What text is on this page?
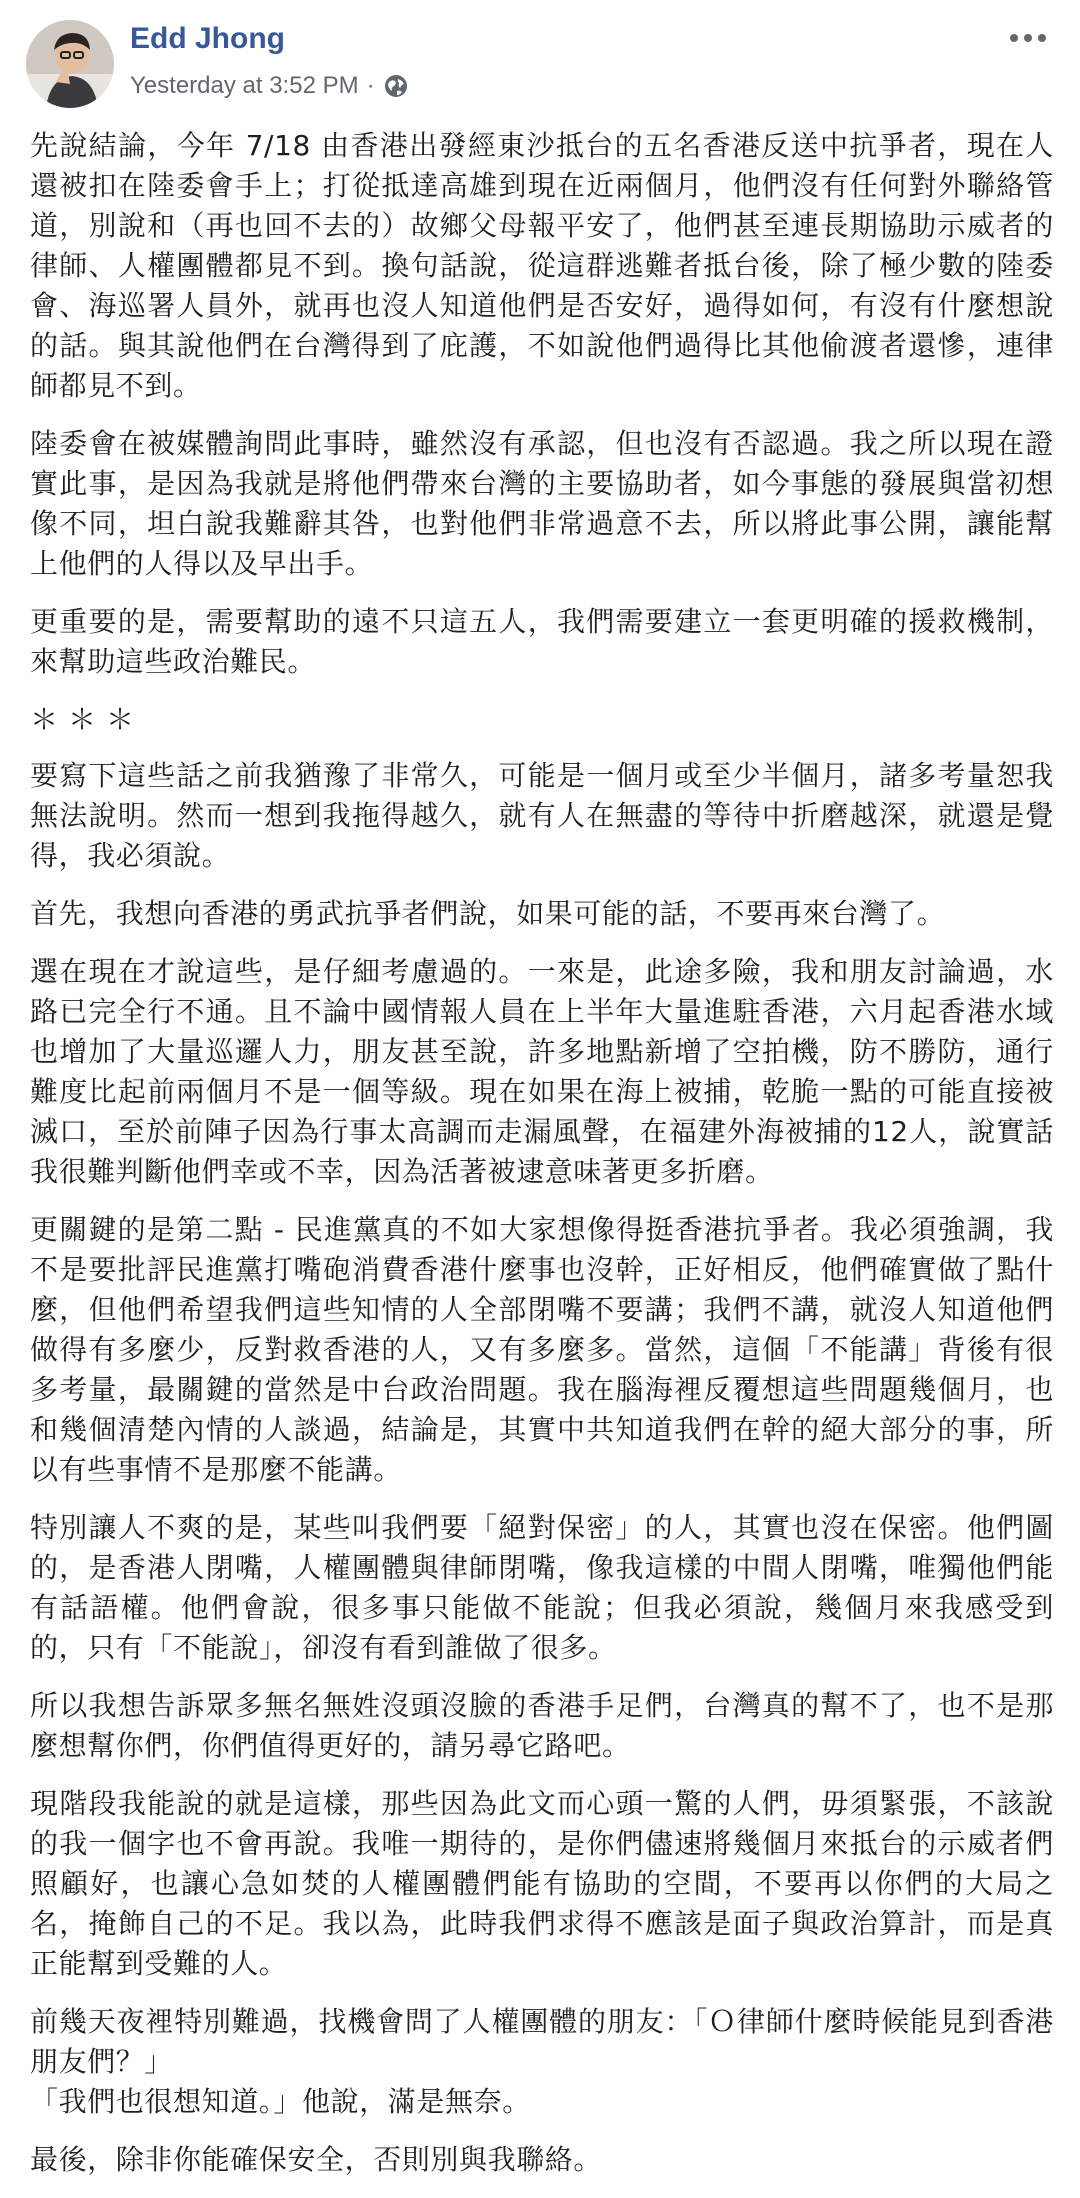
Edd Jhong
Yesterday at 3:52 PM ·

先說結論，今年 7/18 由香港出發經東沙抵台的五名香港反送中抗爭者，現在人還被扣在陸委會手上；打從抵達高雄到現在近兩個月，他們沒有任何對外聯絡管道，別說和（再也回不去的）故鄉父母報平安了，他們甚至連長期協助示威者的律師、人權團體都見不到。換句話說，從這群逃難者抵台後，除了極少數的陸委會、海巡署人員外，就再也沒人知道他們是否安好，過得如何，有沒有什麼想說的話。與其說他們在台灣得到了庇護，不如說他們過得比其他偷渡者還慘，連律師都見不到。

陸委會在被媒體詢問此事時，雖然沒有承認，但也沒有否認過。我之所以現在證實此事，是因為我就是將他們帶來台灣的主要協助者，如今事態的發展與當初想像不同，坦白說我難辭其咎，也對他們非常過意不去，所以將此事公開，讓能幫上他們的人得以及早出手。

更重要的是，需要幫助的遠不只這五人，我們需要建立一套更明確的援救機制，來幫助這些政治難民。

＊＊＊

要寫下這些話之前我猶豫了非常久，可能是一個月或至少半個月，諸多考量恕我無法說明。然而一想到我拖得越久，就有人在無盡的等待中折磨越深，就還是覺得，我必須說。

首先，我想向香港的勇武抗爭者們說，如果可能的話，不要再來台灣了。

選在現在才說這些，是仔細考慮過的。一來是，此途多險，我和朋友討論過，水路已完全行不通。且不論中國情報人員在上半年大量進駐香港，六月起香港水域也增加了大量巡邏人力，朋友甚至說，許多地點新增了空拍機，防不勝防，通行難度比起前兩個月不是一個等級。現在如果在海上被捕，乾脆一點的可能直接被滅口，至於前陣子因為行事太高調而走漏風聲，在福建外海被捕的12人，說實話我很難判斷他們幸或不幸，因為活著被逮意味著更多折磨。

更關鍵的是第二點 - 民進黨真的不如大家想像得挺香港抗爭者。我必須強調，我不是要批評民進黨打嘴砲消費香港什麼事也沒幹，正好相反，他們確實做了點什麼，但他們希望我們這些知情的人全部閉嘴不要講；我們不講，就沒人知道他們做得有多麼少，反對救香港的人，又有多麼多。當然，這個「不能講」背後有很多考量，最關鍵的當然是中台政治問題。我在腦海裡反覆想這些問題幾個月，也和幾個清楚內情的人談過，結論是，其實中共知道我們在幹的絕大部分的事，所以有些事情不是那麼不能講。

特別讓人不爽的是，某些叫我們要「絕對保密」的人，其實也沒在保密。他們圖的，是香港人閉嘴，人權團體與律師閉嘴，像我這樣的中間人閉嘴，唯獨他們能有話語權。他們會說，很多事只能做不能說；但我必須說，幾個月來我感受到的，只有「不能說」，卻沒有看到誰做了很多。

所以我想告訴眾多無名無姓沒頭沒臉的香港手足們，台灣真的幫不了，也不是那麼想幫你們，你們值得更好的，請另尋它路吧。

現階段我能說的就是這樣，那些因為此文而心頭一驚的人們，毋須緊張，不該說的我一個字也不會再說。我唯一期待的，是你們儘速將幾個月來抵台的示威者們照顧好，也讓心急如焚的人權團體們能有協助的空間，不要再以你們的大局之名，掩飾自己的不足。我以為，此時我們求得不應該是面子與政治算計，而是真正能幫到受難的人。

前幾天夜裡特別難過，找機會問了人權團體的朋友：「Ｏ律師什麼時候能見到香港朋友們？」

「我們也很想知道。」他說，滿是無奈。

最後，除非你能確保安全，否則別與我聯絡。
